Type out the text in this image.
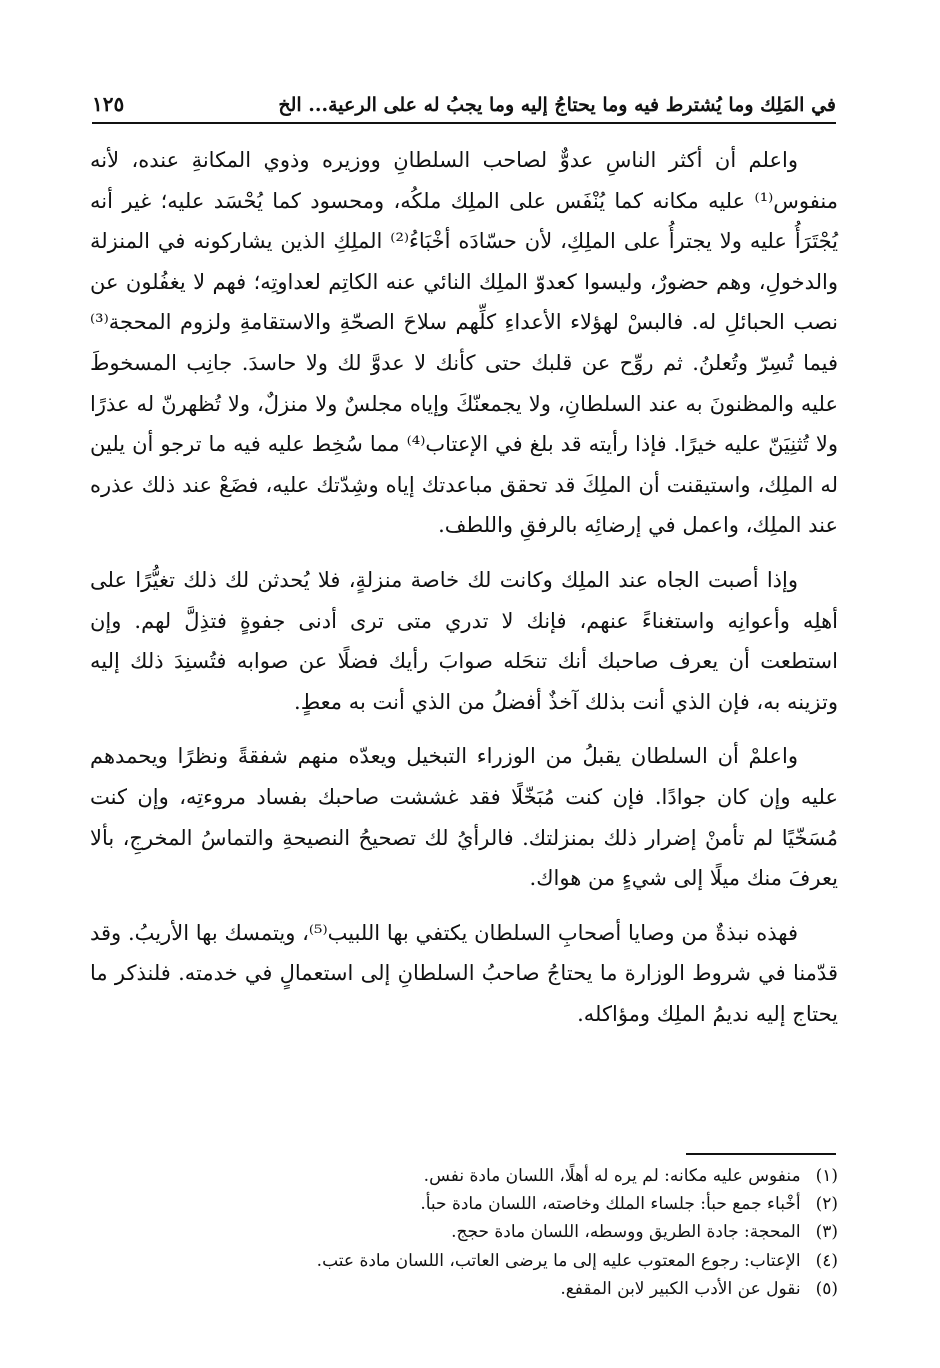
في المَلِك وما يُشترط فيه وما يحتاجُ إليه وما يجبُ له على الرعية... الخ
١٢٥

واعلم أن أكثر الناسِ عدوٌّ لصاحب السلطانِ ووزيره وذوي المكانةِ عنده، لأنه منفوس⁽¹⁾ عليه مكانه كما يُنْفَس على الملِك ملكُه، ومحسود كما يُحْسَد عليه؛ غير أنه يُجْتَرَأُ عليه ولا يجترأُ على الملِكِ، لأن حسّادَه أخْبَاءُ⁽²⁾ الملِكِ الذين يشاركونه في المنزلة والدخولِ، وهم حضورٌ، وليسوا كعدوّ الملِك النائي عنه الكاتِم لعداوتِه؛ فهم لا يغفُلون عن نصب الحبائلِ له. فالبسْ لهؤلاء الأعداءِ كلِّهم سلاحَ الصحّةِ والاستقامةِ ولزوم المحجة⁽³⁾ فيما تُسِرّ وتُعلنُ. ثم روِّح عن قلبك حتى كأنك لا عدوَّ لك ولا حاسدَ. جانِب المسخوطَ عليه والمظنونَ به عند السلطانِ، ولا يجمعنّكَ وإياه مجلسٌ ولا منزلٌ، ولا تُظهرنّ له عذرًا ولا تُثنِيَنّ عليه خيرًا. فإذا رأيته قد بلغ في الإعتاب⁽⁴⁾ مما سُخِط عليه فيه ما ترجو أن يلين له الملِك، واستيقنت أن الملِكَ قد تحقق مباعدتك إياه وشِدّتك عليه، فضَعْ عند ذلك عذره عند الملِك، واعمل في إرضائِه بالرفقِ واللطف.

وإذا أصبت الجاه عند الملِك وكانت لك خاصة منزلةٍ، فلا يُحدثن لك ذلك تغيُّرًا على أهلِه وأعوانِه واستغناءً عنهم، فإنك لا تدري متى ترى أدنى جفوةٍ فتذِلَّ لهم. وإن استطعت أن يعرف صاحبك أنك تنحَله صوابَ رأيك فضلًا عن صوابه فتُسنِدَ ذلك إليه وتزينه به، فإن الذي أنت بذلك آخذٌ أفضلُ من الذي أنت به معطٍ.

واعلمْ أن السلطان يقبلُ من الوزراء التبخيل ويعدّه منهم شفقةً ونظرًا ويحمدهم عليه وإن كان جوادًا. فإن كنت مُبَخّلًا فقد غششت صاحبك بفساد مروءتِه، وإن كنت مُسَخّيًا لم تأمنْ إضرار ذلك بمنزلتك. فالرأيُ لك تصحيحُ النصيحةِ والتماسُ المخرجِ، بألا يعرفَ منك ميلًا إلى شيءٍ من هواك.

فهذه نبذةٌ من وصايا أصحابِ السلطان يكتفي بها اللبيب⁽⁵⁾، ويتمسك بها الأريبُ. وقد قدّمنا في شروط الوزارة ما يحتاجُ صاحبُ السلطانِ إلى استعمالٍ في خدمته. فلنذكر ما يحتاج إليه نديمُ الملِك ومؤاكله.

(١) منفوس عليه مكانه: لم يره له أهلًا، اللسان مادة نفس.

(٢) أخْباء جمع حبأ: جلساء الملك وخاصته، اللسان مادة حبأ.

(٣) المحجة: جادة الطريق ووسطه، اللسان مادة حجج.

(٤) الإعتاب: رجوع المعتوب عليه إلى ما يرضى العاتب، اللسان مادة عتب.

(٥) نقول عن الأدب الكبير لابن المقفع.
